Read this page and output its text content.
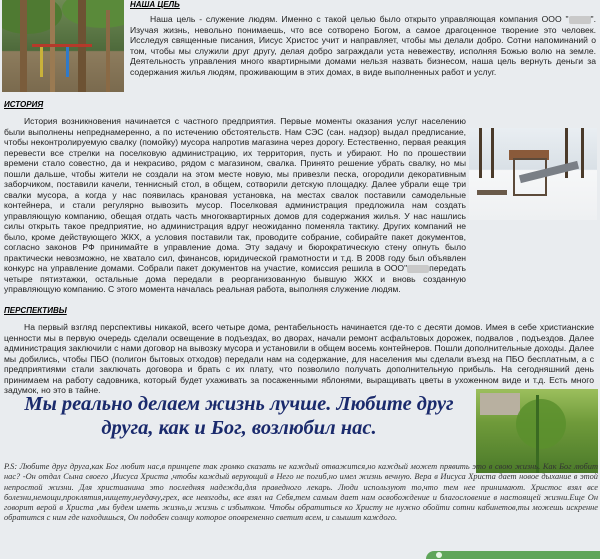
НАША ЦЕЛЬ
Наша цель - служение людям. Именно с такой целью было открыто управляющая компания ООО "	". Изучая жизнь, невольно понимаешь, что все сотворено Богом, а самое драгоценное творение это человек. Исследуя священные писания, Иисус Христос учит и направляет, чтобы мы делали добро. Сотни напоминаний о том, чтобы мы служили друг другу, делая добро заграждали уста невежеству, исполняя Божью волю на земле. Деятельность управления много квартирными домами нельзя назвать бизнесом, наша цель вернуть деньги за содержания жилья людям, проживающим в этих домах, в виде выполненных работ и услуг.
ИСТОРИЯ
История возникновения начинается с частного предприятия. Первые моменты оказания услуг населению были выполнены непреднамеренно, а по истечению обстоятельств. Нам СЭС (сан. надзор) выдал предписание, чтобы неконтролируемую свалку (помойку) мусора напротив магазина через дорогу. Естественно, первая реакция перевести все стрелки на поселковую администрацию, их территория, пусть и убирают. Но по прошествии времени стало совестно, да и некрасиво, рядом с магазином, свалка. Принято решение убрать свалку, но мы пошли дальше, чтобы жители не создали на этом месте новую, мы привезли песка, огородили декоративным заборчиком, поставили качели, теннисный стол, в общем, сотворили детскую площадку. Далее убрали еще три свалки мусора, а когда у нас появилась крановая установка, на местах свалок поставили самодельные контейнера, и стали регулярно вывозить мусор. Поселковая администрация предложила нам создать управляющую компанию, обещая отдать часть многоквартирных домов для содержания жилья. У нас нашлись силы открыть такое предприятие, но администрация вдруг неожиданно поменяла тактику. Других компаний не было, кроме действующего ЖКХ, а условия поставили так, проводите собрание, собирайте пакет документов, согласно законов РФ принимайте в управление дома. Эту задачу и бюрократическую стену опнуть было практически невозможно, не хватало сил, финансов, юридической грамотности и т.д. В 2008 году был объявлен конкурс на управление домами. Собрали пакет документов на участие, комиссия решила в ООО"	передать четыре пятиэтажки, остальные дома передали в реорганизованную бывшую ЖКХ и вновь созданную управляющую компанию. С этого момента началась реальная работа, выполняя служение людям.
ПЕРСПЕКТИВЫ
На первый взгляд перспективы никакой, всего четыре дома, рентабельность начинается где-то с десяти домов. Имея в себе христианские ценности мы в первую очередь сделали освещение в подъездах, во дворах, начали ремонт асфальтовых дорожек, подвалов , подъездов. Далее администрация заключили с нами договор на вывозку мусора и установили в общем восемь контейнеров. Пошли дополнительные доходы. Далее мы добились, чтобы ПБО (полигон бытовых отходов) передали нам на содержание, для населения мы сделали въезд на ПБО бесплатным, а с предприятиями стали заключать договора и брать с их плату, что позволило получать дополнительную прибыль. На сегодняшний день принимаем на работу садовника, который будет ухаживать за посаженными яблонями, выращивать цветы в ухоженном виде и т.д. Есть много задумок, но это в тайне.
Мы реально делаем жизнь лучше. Любите друг друга, как и Бог, возлюбил нас.
P.S: Любите друг друга,как Бог любит нас,в принцепе так громко сказать не каждый отважится,но каждый может прявить это в свою жизнь. Как Бог любит нас? -Он отдал Сына своего ,Иисуса Христа ,чтобы каждый верующий в Него не погиб,но имел жизнь вечную. Вера в Иисуса Христа дает новое дыхание в этой непростой жизни. Для христианина это последняя надежда,для праведного лекарь. Люди используют то,что тем нее принимают. Христос взял все болезни,немощи,проклятия,нищету,неудачу,грех, все невзгоды, все взял на Себя,тем самым дает нам освобождение и благословение в настоящей жизни.Еще Он говорит верой в Христа ,мы будем иметь жизнь,и жизнь с избытком. Чтобы обратиться ко Христу не нужно обойти сотни кабинетов,ты можешь искренне обратится с ним где находишься, Он подобен солнцу которое оповременно светит всем, и слышит каждого.
